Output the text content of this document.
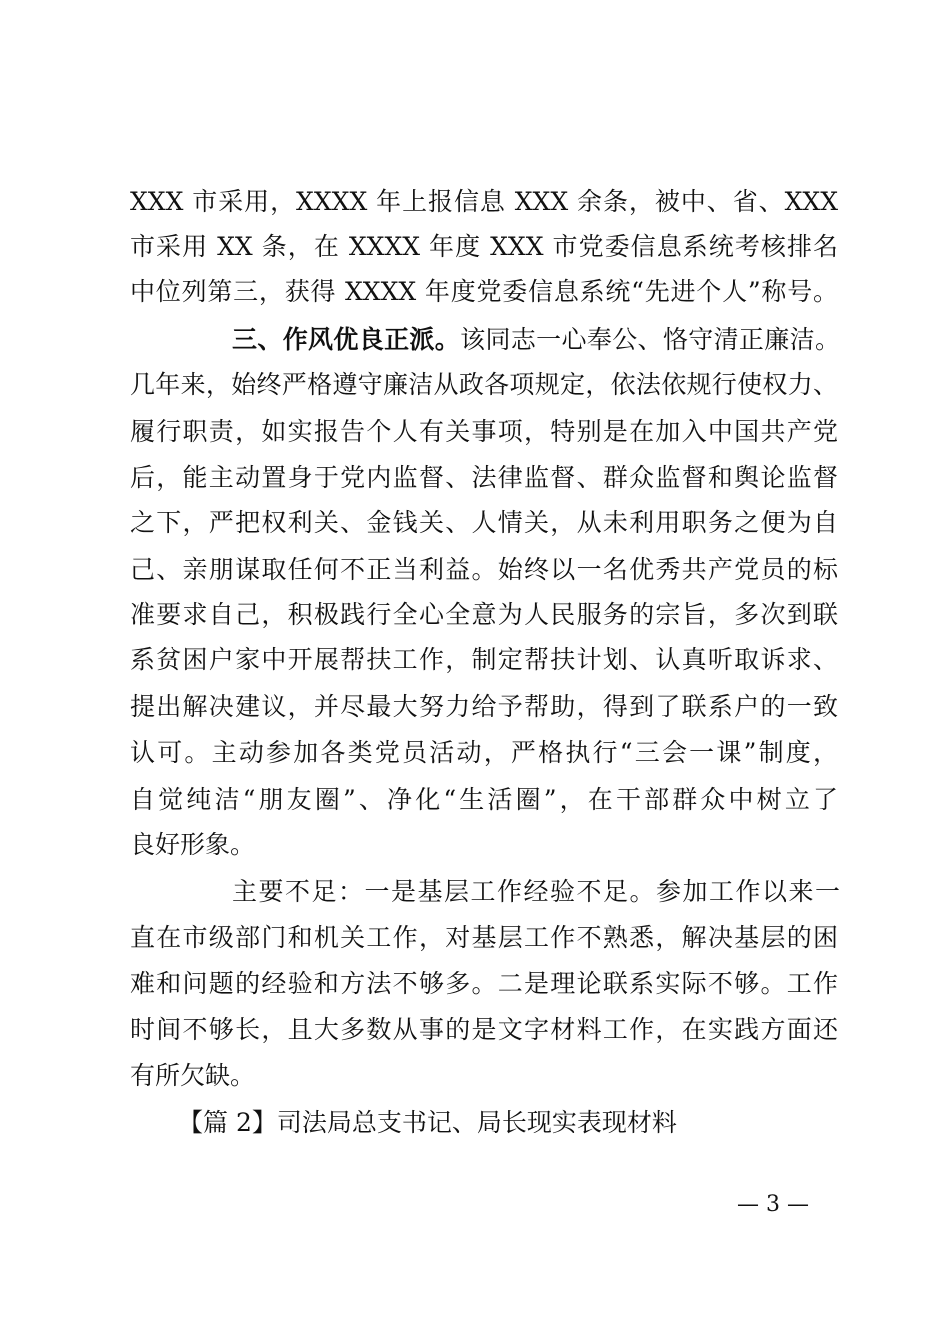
XXX 市采用，XXXX 年上报信息 XXX 余条，被中、省、XXX
市采用 XX 条，在 XXXX 年度 XXX 市党委信息系统考核排名
中位列第三，获得 XXXX 年度党委信息系统“先进个人”称号。
三、作风优良正派。该同志一心奉公、恪守清正廉洁。
几年来，始终严格遵守廉洁从政各项规定，依法依规行使权力、
履行职责，如实报告个人有关事项，特别是在加入中国共产党
后，能主动置身于党内监督、法律监督、群众监督和舆论监督
之下，严把权利关、金钱关、人情关，从未利用职务之便为自
己、亲朋谋取任何不正当利益。始终以一名优秀共产党员的标
准要求自己，积极践行全心全意为人民服务的宗旨，多次到联
系贫困户家中开展帮扶工作，制定帮扶计划、认真听取诉求、
提出解决建议，并尽最大努力给予帮助，得到了联系户的一致
认可。主动参加各类党员活动，严格执行“三会一课”制度，
自觉纯洁“朋友圈”、净化“生活圈”，在干部群众中树立了
良好形象。
主要不足：一是基层工作经验不足。参加工作以来一
直在市级部门和机关工作，对基层工作不熟悉，解决基层的困
难和问题的经验和方法不够多。二是理论联系实际不够。工作
时间不够长，且大多数从事的是文字材料工作，在实践方面还
有所欠缺。
【篇 2】司法局总支书记、局长现实表现材料
— 3 —
